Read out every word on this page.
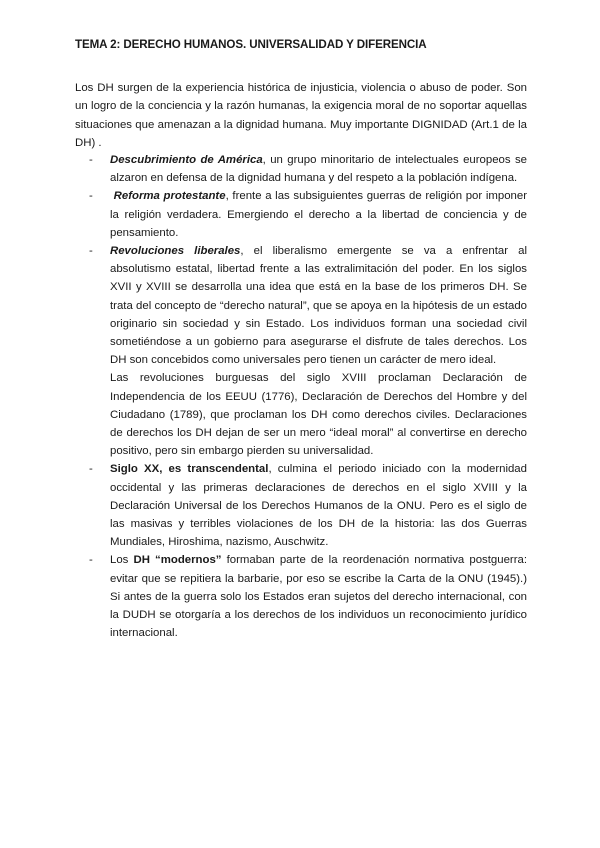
TEMA 2: DERECHO HUMANOS. UNIVERSALIDAD Y DIFERENCIA
Los DH surgen de la experiencia histórica de injusticia, violencia o abuso de poder. Son un logro de la conciencia y la razón humanas, la exigencia moral de no soportar aquellas situaciones que amenazan a la dignidad humana. Muy importante DIGNIDAD (Art.1 de la DH) .
- Descubrimiento de América, un grupo minoritario de intelectuales europeos se alzaron en defensa de la dignidad humana y del respeto a la población indígena.

-	Reforma protestante, frente a las subsiguientes guerras de religión por imponer la religión verdadera. Emergiendo el derecho a la libertad de conciencia y de pensamiento.

- Revoluciones liberales, el liberalismo emergente se va a enfrentar al absolutismo estatal, libertad frente a las extralimitación del poder. En los siglos XVII y XVIII se desarrolla una idea que está en la base de los primeros DH. Se trata del concepto de “derecho natural”, que se apoya en la hipótesis de un estado originario sin sociedad y sin Estado. Los individuos forman una sociedad civil sometiéndose a un gobierno para asegurarse el disfrute de tales derechos. Los DH son concebidos como universales pero tienen un carácter de mero ideal.

Las revoluciones burguesas del siglo XVIII proclaman Declaración de Independencia de los EEUU (1776), Declaración de Derechos del Hombre y del Ciudadano (1789), que proclaman los DH como derechos civiles. Declaraciones de derechos los DH dejan de ser un mero “ideal moral” al convertirse en derecho positivo, pero sin embargo pierden su universalidad.

- Siglo XX, es transcendental, culmina el periodo iniciado con la modernidad occidental y las primeras declaraciones de derechos en el siglo XVIII y la Declaración Universal de los Derechos Humanos de la ONU. Pero es el siglo de las masivas y terribles violaciones de los DH de la historia: las dos Guerras Mundiales, Hiroshima, nazismo, Auschwitz.

- Los DH “modernos” formaban parte de la reordenación normativa postguerra: evitar que se repitiera la barbarie, por eso se escribe la Carta de la ONU (1945).) Si antes de la guerra solo los Estados eran sujetos del derecho internacional, con la DUDH se otorgaría a los derechos de los individuos un reconocimiento jurídico internacional.
